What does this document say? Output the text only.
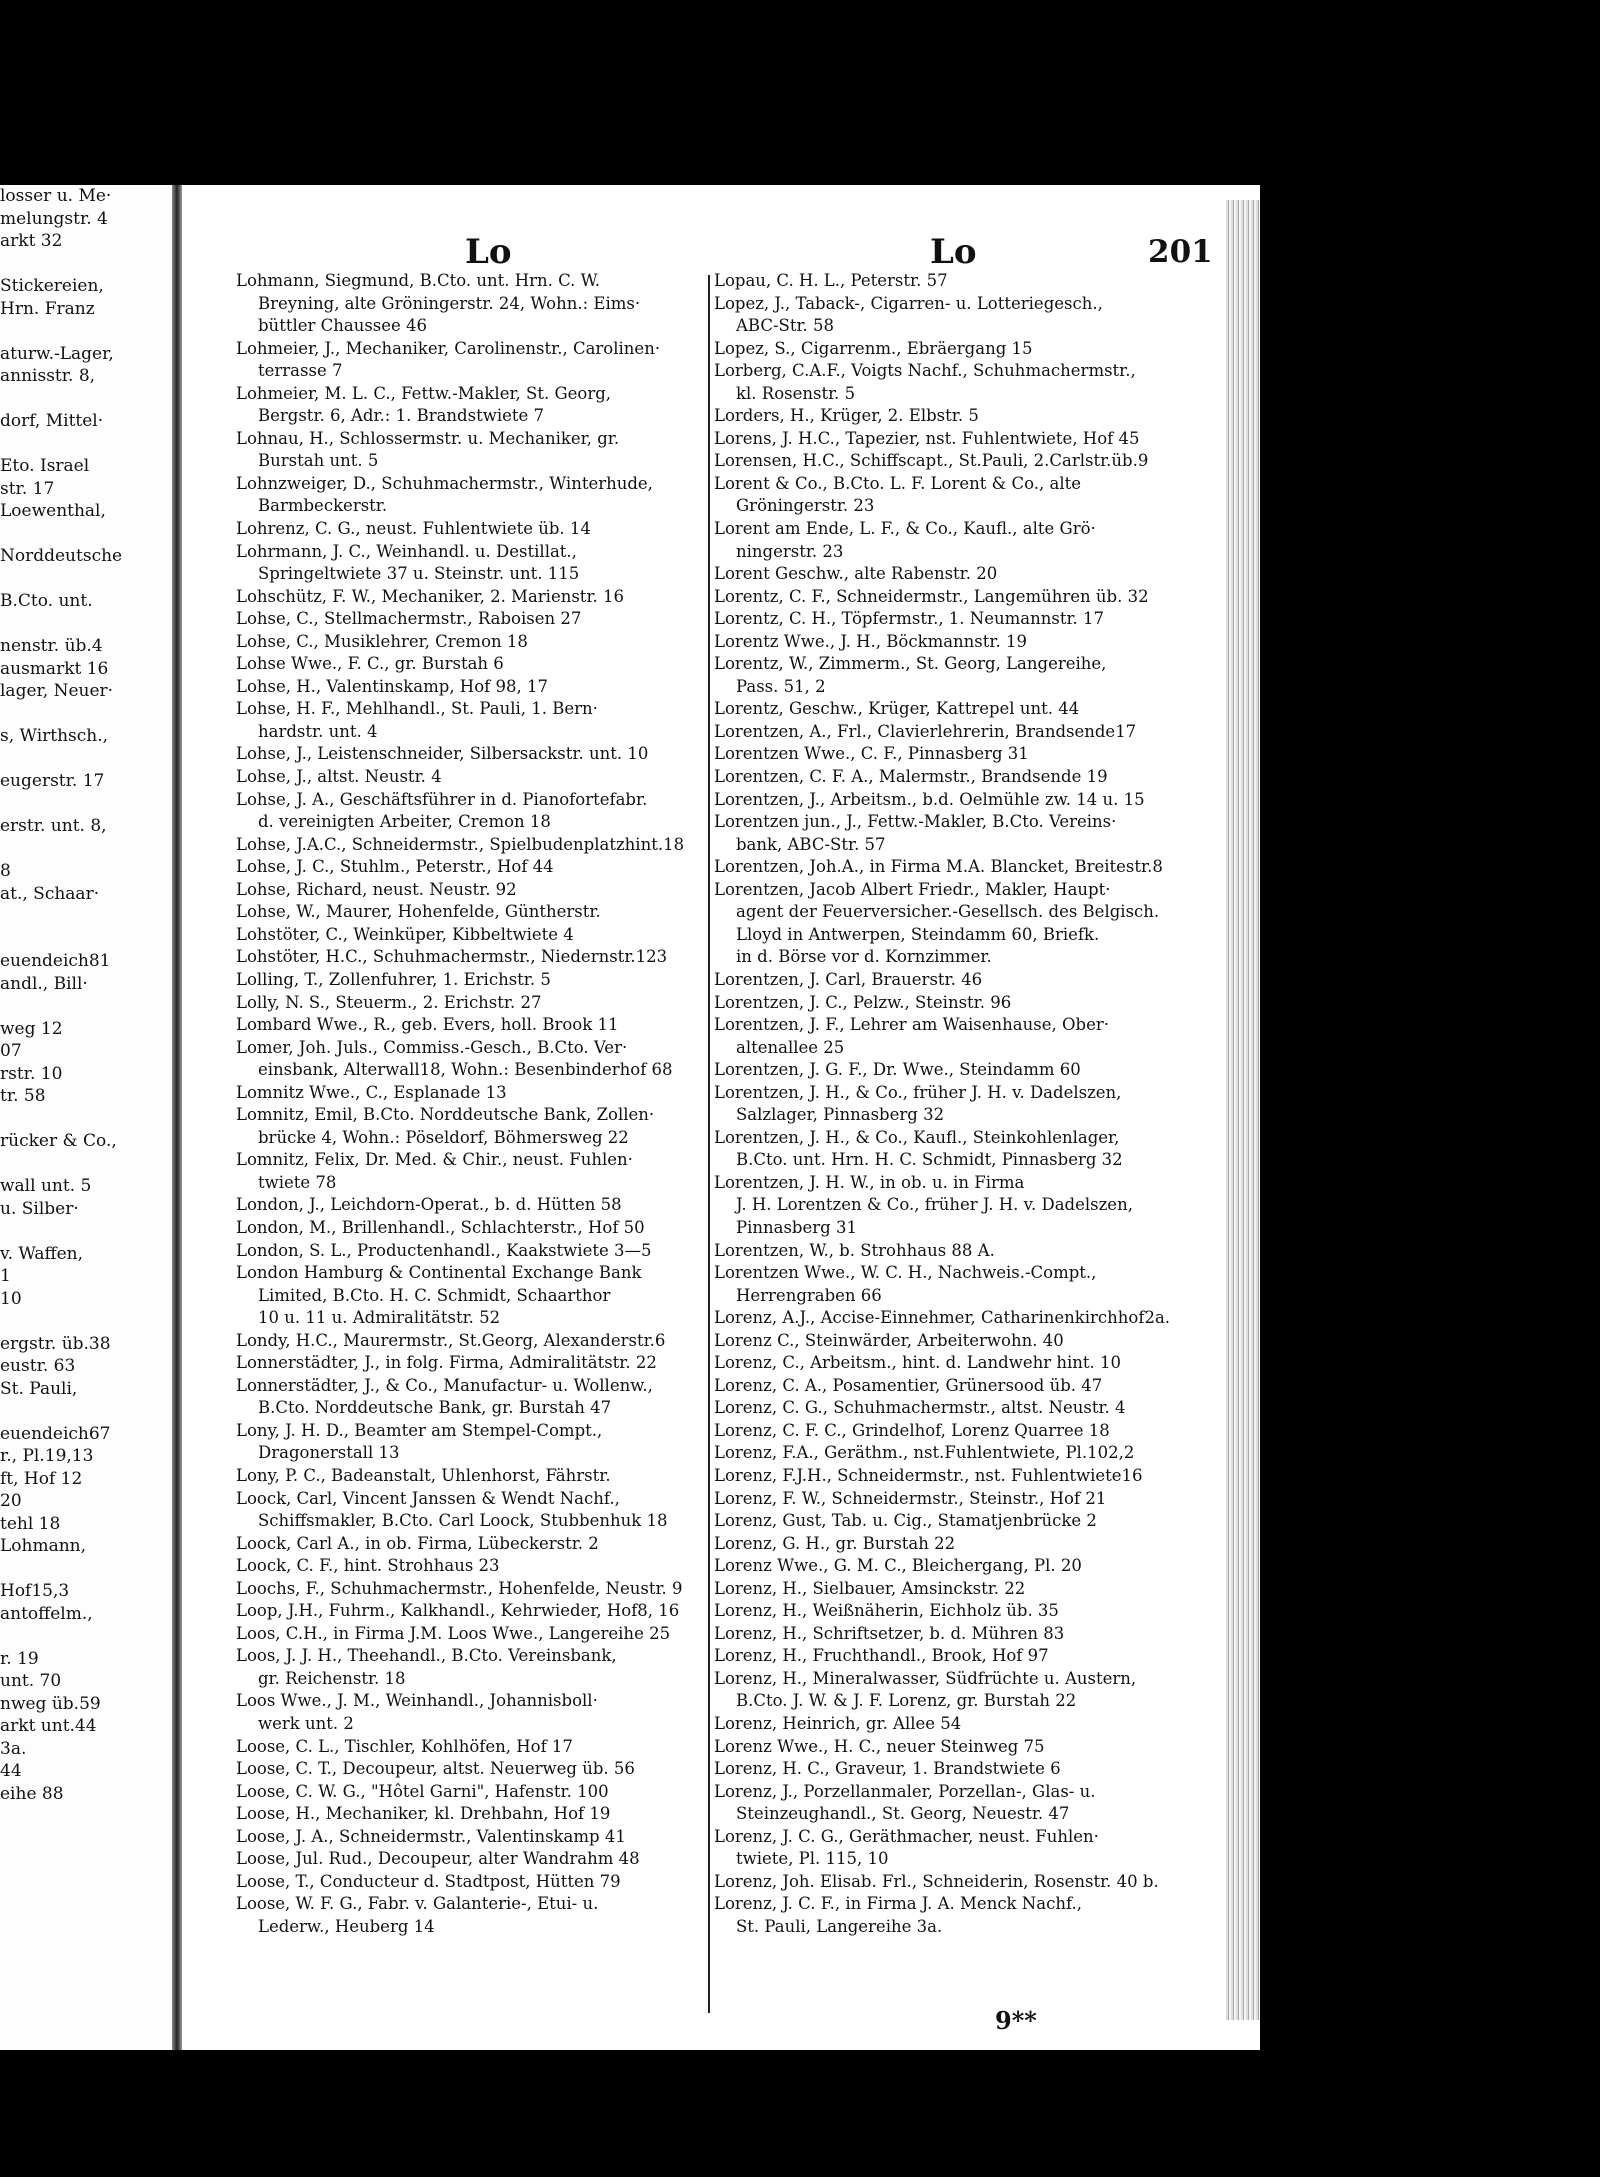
losser u. Me·
melungstr. 4
arkt 32

Stickereien,
Hrn. Franz

aturw.-Lager,
annisstr. 8,

dorf, Mittel·

Eto. Israel
str. 17
Loewenthal,

Norddeutsche

B.Cto. unt.

nenstr. üb.4
ausmarkt 16
lager, Neuer·

s, Wirthsch.,

eugerstr. 17

erstr. unt. 8,

8
at., Schaar·

euendeich81
andl., Bill·

weg 12
07
rstr. 10
tr. 58

rücker & Co.,

wall unt. 5
u. Silber·

v. Waffen,
1
10

ergstr. üb.38
eustr. 63
St. Pauli,

euendeich67
r., Pl.19,13
ft, Hof 12
20
tehl 18
Lohmann,

Hof15,3
antoffelm.,

r. 19
unt. 70
nweg üb.59
arkt unt.44
3a.
44
eihe 88
Lo	Lo	201
Lohmann, Siegmund, B.Cto. unt. Hrn. C. W.
Breyning, alte Gröningerstr. 24, Wohn.: Eims·
büttler Chaussee 46
Lohmeier, J., Mechaniker, Carolinenstr., Carolinen·
terrasse 7
Lohmeier, M. L. C., Fettw.-Makler, St. Georg,
Bergstr. 6, Adr.: 1. Brandstwiete 7
Lohnau, H., Schlossermstr. u. Mechaniker, gr.
Burstah unt. 5
Lohnzweiger, D., Schuhmachermstr., Winterhude,
Barmbeckerstr.
Lohrenz, C. G., neust. Fuhlentwiete üb. 14
Lohrmann, J. C., Weinhandl. u. Destillat.,
Springeltwiete 37 u. Steinstr. unt. 115
Lohschütz, F. W., Mechaniker, 2. Marienstr. 16
Lohse, C., Stellmachermstr., Raboisen 27
Lohse, C., Musiklehrer, Cremon 18
Lohse Wwe., F. C., gr. Burstah 6
Lohse, H., Valentinskamp, Hof 98, 17
Lohse, H. F., Mehlhandl., St. Pauli, 1. Bern·
hardstr. unt. 4
Lohse, J., Leistenschneider, Silbersackstr. unt. 10
Lohse, J., altst. Neustr. 4
Lohse, J. A., Geschäftsführer in d. Pianofortefabr.
d. vereinigten Arbeiter, Cremon 18
Lohse, J.A.C., Schneidermstr., Spielbudenplatzhint.18
Lohse, J. C., Stuhlm., Peterstr., Hof 44
Lohse, Richard, neust. Neustr. 92
Lohse, W., Maurer, Hohenfelde, Güntherstr.
Lohstöter, C., Weinküper, Kibbeltwiete 4
Lohstöter, H.C., Schuhmachermstr., Niedernstr.123
Lolling, T., Zollenfuhrer, 1. Erichstr. 5
Lolly, N. S., Steuerm., 2. Erichstr. 27
Lombard Wwe., R., geb. Evers, holl. Brook 11
Lomer, Joh. Juls., Commiss.-Gesch., B.Cto. Ver·
einsbank, Alterwall18, Wohn.: Besenbinderhof 68
Lomnitz Wwe., C., Esplanade 13
Lomnitz, Emil, B.Cto. Norddeutsche Bank, Zollen·
brücke 4, Wohn.: Pöseldorf, Böhmersweg 22
Lomnitz, Felix, Dr. Med. & Chir., neust. Fuhlen·
twiete 78
London, J., Leichdorn-Operat., b. d. Hütten 58
London, M., Brillenhandl., Schlachterstr., Hof 50
London, S. L., Productenhandl., Kaakstwiete 3—5
London Hamburg & Continental Exchange Bank
Limited, B.Cto. H. C. Schmidt, Schaarthor
10 u. 11 u. Admiralitätstr. 52
Londy, H.C., Maurermstr., St.Georg, Alexanderstr.6
Lonnerstädter, J., in folg. Firma, Admiralitätstr. 22
Lonnerstädter, J., & Co., Manufactur- u. Wollenw.,
B.Cto. Norddeutsche Bank, gr. Burstah 47
Lony, J. H. D., Beamter am Stempel-Compt.,
Dragonerstall 13
Lony, P. C., Badeanstalt, Uhlenhorst, Fährstr.
Loock, Carl, Vincent Janssen & Wendt Nachf.,
Schiffsmakler, B.Cto. Carl Loock, Stubbenhuk 18
Loock, Carl A., in ob. Firma, Lübeckerstr. 2
Loock, C. F., hint. Strohhaus 23
Loochs, F., Schuhmachermstr., Hohenfelde, Neustr. 9
Loop, J.H., Fuhrm., Kalkhandl., Kehrwieder, Hof8, 16
Loos, C.H., in Firma J.M. Loos Wwe., Langereihe 25
Loos, J. J. H., Theehandl., B.Cto. Vereinsbank,
gr. Reichenstr. 18
Loos Wwe., J. M., Weinhandl., Johannisboll·
werk unt. 2
Loose, C. L., Tischler, Kohlhöfen, Hof 17
Loose, C. T., Decoupeur, altst. Neuerweg üb. 56
Loose, C. W. G., "Hôtel Garni", Hafenstr. 100
Loose, H., Mechaniker, kl. Drehbahn, Hof 19
Loose, J. A., Schneidermstr., Valentinskamp 41
Loose, Jul. Rud., Decoupeur, alter Wandrahm 48
Loose, T., Conducteur d. Stadtpost, Hütten 79
Loose, W. F. G., Fabr. v. Galanterie-, Etui- u.
Lederw., Heuberg 14
Lopau, C. H. L., Peterstr. 57
Lopez, J., Taback-, Cigarren- u. Lotteriegesch.,
ABC-Str. 58
Lopez, S., Cigarrenm., Ebräergang 15
Lorberg, C.A.F., Voigts Nachf., Schuhmachermstr.,
kl. Rosenstr. 5
Lorders, H., Krüger, 2. Elbstr. 5
Lorens, J. H.C., Tapezier, nst. Fuhlentwiete, Hof 45
Lorensen, H.C., Schiffscapt., St.Pauli, 2.Carlstr.üb.9
Lorent & Co., B.Cto. L. F. Lorent & Co., alte
Gröningerstr. 23
Lorent am Ende, L. F., & Co., Kaufl., alte Grö·
ningerstr. 23
Lorent Geschw., alte Rabenstr. 20
Lorentz, C. F., Schneidermstr., Langemühren üb. 32
Lorentz, C. H., Töpfermstr., 1. Neumannstr. 17
Lorentz Wwe., J. H., Böckmannstr. 19
Lorentz, W., Zimmerm., St. Georg, Langereihe,
Pass. 51, 2
Lorentz, Geschw., Krüger, Kattrepel unt. 44
Lorentzen, A., Frl., Clavierlehrerin, Brandsende17
Lorentzen Wwe., C. F., Pinnasberg 31
Lorentzen, C. F. A., Malermstr., Brandsende 19
Lorentzen, J., Arbeitsm., b.d. Oelmühle zw. 14 u. 15
Lorentzen jun., J., Fettw.-Makler, B.Cto. Vereins·
bank, ABC-Str. 57
Lorentzen, Joh.A., in Firma M.A. Blancket, Breitestr.8
Lorentzen, Jacob Albert Friedr., Makler, Haupt·
agent der Feuerversicher.-Gesellsch. des Belgisch.
Lloyd in Antwerpen, Steindamm 60, Briefk.
in d. Börse vor d. Kornzimmer.
Lorentzen, J. Carl, Brauerstr. 46
Lorentzen, J. C., Pelzw., Steinstr. 96
Lorentzen, J. F., Lehrer am Waisenhause, Ober·
altenallee 25
Lorentzen, J. G. F., Dr. Wwe., Steindamm 60
Lorentzen, J. H., & Co., früher J. H. v. Dadelszen,
Salzlager, Pinnasberg 32
Lorentzen, J. H., & Co., Kaufl., Steinkohlenlager,
B.Cto. unt. Hrn. H. C. Schmidt, Pinnasberg 32
Lorentzen, J. H. W., in ob. u. in Firma
J. H. Lorentzen & Co., früher J. H. v. Dadelszen,
Pinnasberg 31
Lorentzen, W., b. Strohhaus 88 A.
Lorentzen Wwe., W. C. H., Nachweis.-Compt.,
Herrengraben 66
Lorenz, A.J., Accise-Einnehmer, Catharinenkirchhof2a.
Lorenz C., Steinwärder, Arbeiterwohn. 40
Lorenz, C., Arbeitsm., hint. d. Landwehr hint. 10
Lorenz, C. A., Posamentier, Grünersood üb. 47
Lorenz, C. G., Schuhmachermstr., altst. Neustr. 4
Lorenz, C. F. C., Grindelhof, Lorenz Quarree 18
Lorenz, F.A., Geräthm., nst.Fuhlentwiete, Pl.102,2
Lorenz, F.J.H., Schneidermstr., nst. Fuhlentwiete16
Lorenz, F. W., Schneidermstr., Steinstr., Hof 21
Lorenz, Gust, Tab. u. Cig., Stamatjenbrücke 2
Lorenz, G. H., gr. Burstah 22
Lorenz Wwe., G. M. C., Bleichergang, Pl. 20
Lorenz, H., Sielbauer, Amsinckstr. 22
Lorenz, H., Weißnäherin, Eichholz üb. 35
Lorenz, H., Schriftsetzer, b. d. Mühren 83
Lorenz, H., Fruchthandl., Brook, Hof 97
Lorenz, H., Mineralwasser, Südfrüchte u. Austern,
B.Cto. J. W. & J. F. Lorenz, gr. Burstah 22
Lorenz, Heinrich, gr. Allee 54
Lorenz Wwe., H. C., neuer Steinweg 75
Lorenz, H. C., Graveur, 1. Brandstwiete 6
Lorenz, J., Porzellanmaler, Porzellan-, Glas- u.
Steinzeughandl., St. Georg, Neuestr. 47
Lorenz, J. C. G., Geräthmacher, neust. Fuhlen·
twiete, Pl. 115, 10
Lorenz, Joh. Elisab. Frl., Schneiderin, Rosenstr. 40 b.
Lorenz, J. C. F., in Firma J. A. Menck Nachf.,
St. Pauli, Langereihe 3a.
9**
